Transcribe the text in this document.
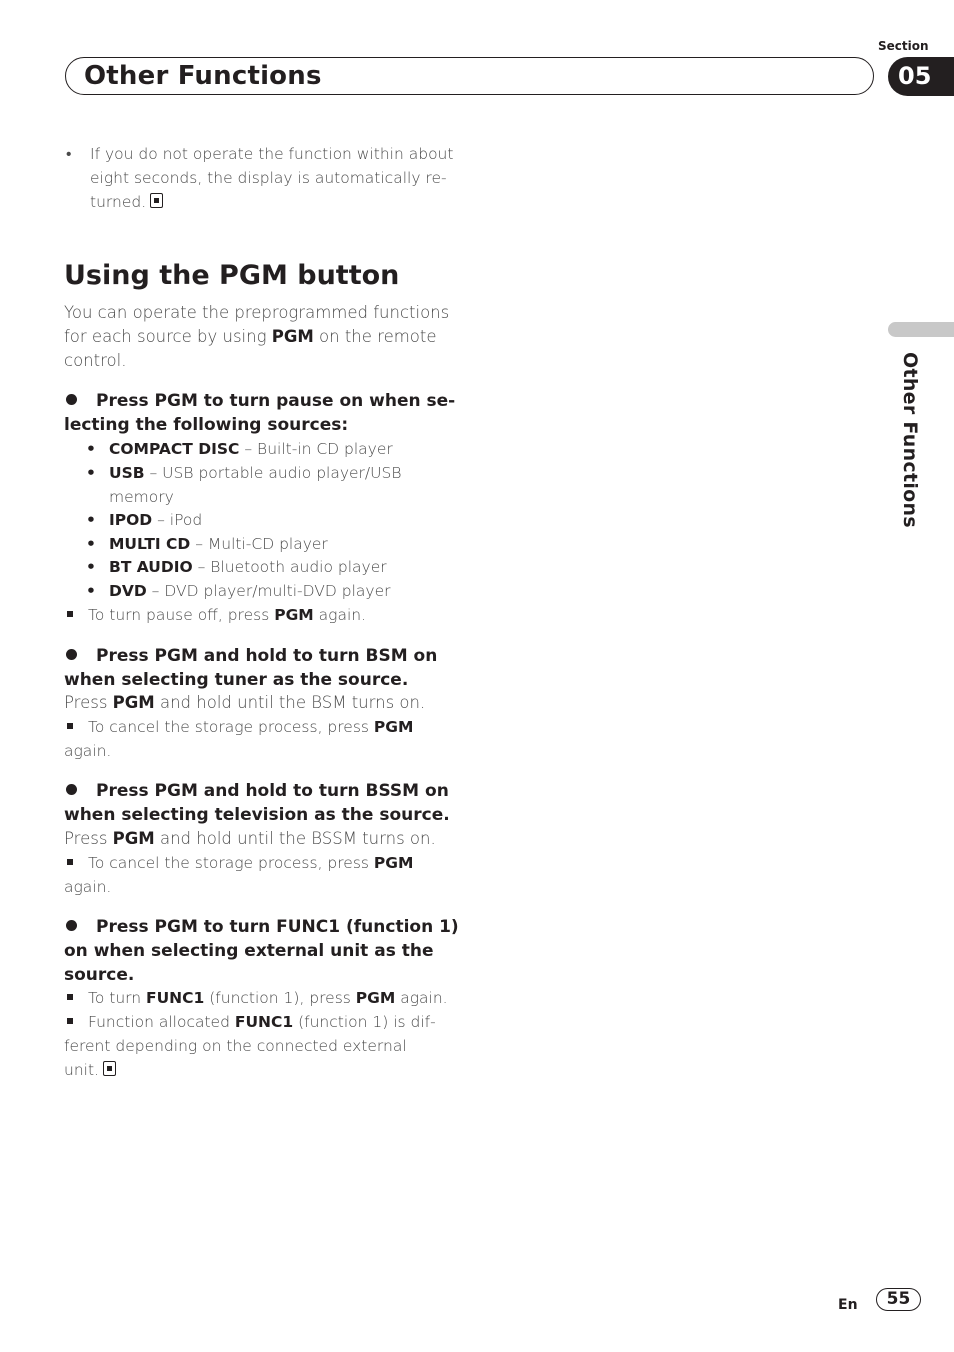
Other Functions
Section
05
Other Functions
• If you do not operate the function within about
eight seconds, the display is automatically re-
turned.
Using the PGM button
You can operate the preprogrammed functions
for each source by using PGM on the remote
control.
Press PGM to turn pause on when se-
lecting the following sources:
• COMPACT DISC – Built-in CD player
• USB – USB portable audio player/USB
memory
• IPOD – iPod
• MULTI CD – Multi-CD player
• BT AUDIO – Bluetooth audio player
• DVD – DVD player/multi-DVD player
To turn pause off, press PGM again.
Press PGM and hold to turn BSM on
when selecting tuner as the source.
Press PGM and hold until the BSM turns on.
To cancel the storage process, press PGM
again.
Press PGM and hold to turn BSSM on
when selecting television as the source.
Press PGM and hold until the BSSM turns on.
To cancel the storage process, press PGM
again.
Press PGM to turn FUNC1 (function 1)
on when selecting external unit as the
source.
To turn FUNC1 (function 1), press PGM again.
Function allocated FUNC1 (function 1) is dif-
ferent depending on the connected external
unit.
En	55
